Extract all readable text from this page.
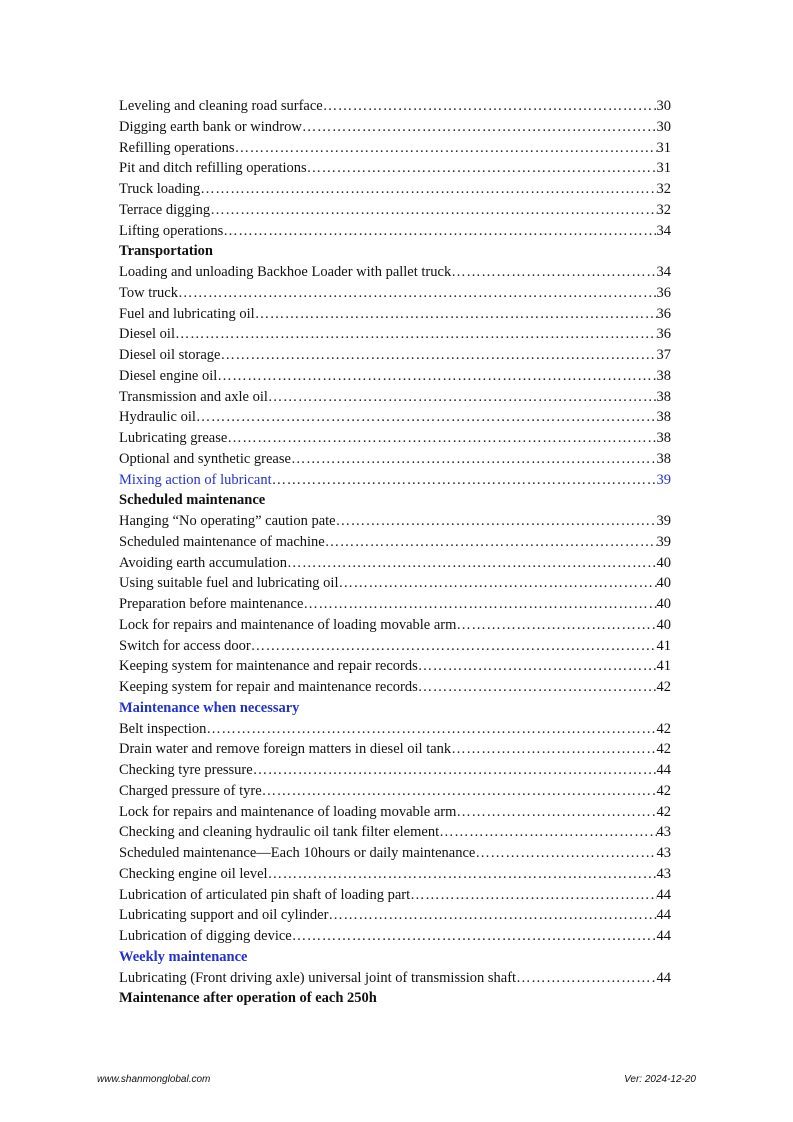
Leveling and cleaning road surface ……………………………………………………………………………………………………………………………………………………………………	30
Digging earth bank or windrow ……………………………………………………………………………………………………………………………………………………………………	30
Refilling operations ……………………………………………………………………………………………………………………………………………………………………	31
Pit and ditch refilling operations ……………………………………………………………………………………………………………………………………………………………………	31
Truck loading ……………………………………………………………………………………………………………………………………………………………………	32
Terrace digging ……………………………………………………………………………………………………………………………………………………………………	32
Lifting operations ……………………………………………………………………………………………………………………………………………………………………	34
Transportation
Loading and unloading Backhoe Loader with pallet truck ……………………………………………………………………………………………………………………………………………………………………	34
Tow truck ……………………………………………………………………………………………………………………………………………………………………	36
Fuel and lubricating oil ……………………………………………………………………………………………………………………………………………………………………	36
Diesel oil ……………………………………………………………………………………………………………………………………………………………………	36
Diesel oil storage ……………………………………………………………………………………………………………………………………………………………………	37
Diesel engine oil ……………………………………………………………………………………………………………………………………………………………………	38
Transmission and axle oil ……………………………………………………………………………………………………………………………………………………………………	38
Hydraulic oil ……………………………………………………………………………………………………………………………………………………………………	38
Lubricating grease ……………………………………………………………………………………………………………………………………………………………………	38
Optional and synthetic grease ……………………………………………………………………………………………………………………………………………………………………	38
Mixing action of lubricant ……………………………………………………………………………………………………………………………………………………………………	39
Scheduled maintenance
Hanging “No operating” caution pate ……………………………………………………………………………………………………………………………………………………………………	39
Scheduled maintenance of machine ……………………………………………………………………………………………………………………………………………………………………	39
Avoiding earth accumulation ……………………………………………………………………………………………………………………………………………………………………	40
Using suitable fuel and lubricating oil ……………………………………………………………………………………………………………………………………………………………………	40
Preparation before maintenance ……………………………………………………………………………………………………………………………………………………………………	40
Lock for repairs and maintenance of loading movable arm ……………………………………………………………………………………………………………………………………………………………………	40
Switch for access door ……………………………………………………………………………………………………………………………………………………………………	41
Keeping system for maintenance and repair records ……………………………………………………………………………………………………………………………………………………………………	41
Keeping system for repair and maintenance records ……………………………………………………………………………………………………………………………………………………………………	42
Maintenance when necessary
Belt inspection ……………………………………………………………………………………………………………………………………………………………………	42
Drain water and remove foreign matters in diesel oil tank ……………………………………………………………………………………………………………………………………………………………………	42
Checking tyre pressure ……………………………………………………………………………………………………………………………………………………………………	44
Charged pressure of tyre ……………………………………………………………………………………………………………………………………………………………………	42
Lock for repairs and maintenance of loading movable arm ……………………………………………………………………………………………………………………………………………………………………	42
Checking and cleaning hydraulic oil tank filter element ……………………………………………………………………………………………………………………………………………………………………	43
Scheduled maintenance—Each 10hours or daily maintenance ……………………………………………………………………………………………………………………………………………………………………	43
Checking engine oil level ……………………………………………………………………………………………………………………………………………………………………	43
Lubrication of articulated pin shaft of loading part ……………………………………………………………………………………………………………………………………………………………………	44
Lubricating support and oil cylinder ……………………………………………………………………………………………………………………………………………………………………	44
Lubrication of digging device ……………………………………………………………………………………………………………………………………………………………………	44
Weekly maintenance
Lubricating (Front driving axle) universal joint of transmission shaft ……………………………………………………………………………………………………………………………………………………………………	44
Maintenance after operation of each 250h
www.shanmonglobal.com	Ver: 2024-12-20
